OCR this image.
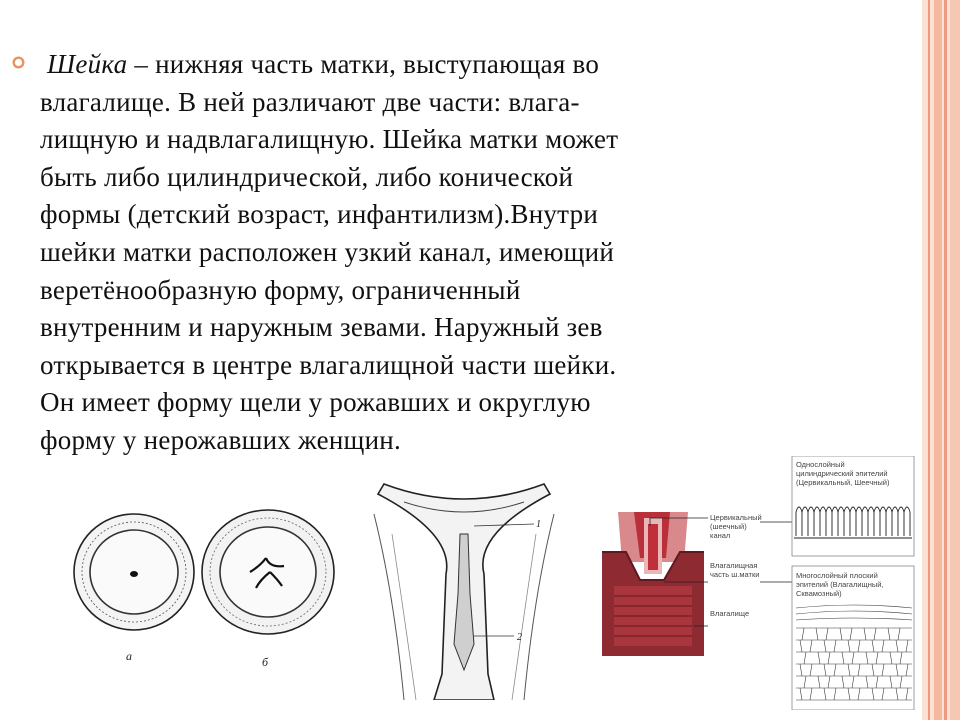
Шейка – нижняя часть матки, выступающая во
влагалище. В ней различают две части: влага-
лищную и надвлагалищную. Шейка матки может
быть либо цилиндрической, либо конической
формы (детский возраст, инфантилизм).Внутри
шейки матки расположен узкий канал, имеющий
веретёнообразную форму, ограниченный
внутренним и наружным зевами. Наружный зев
открывается в центре влагалищной части шейки.
Он имеет форму щели у рожавших и округлую
форму у нерожавших женщин.
а	б
1
2
Цервикальный
(шеечный)
канал
Влагалищная
часть ш.матки
Влагалище
Однослойный
цилиндрический эпителий
(Цервикальный, Шеечный)
Многослойный плоский
эпителий (Влагалищный,
Сквамозный)
